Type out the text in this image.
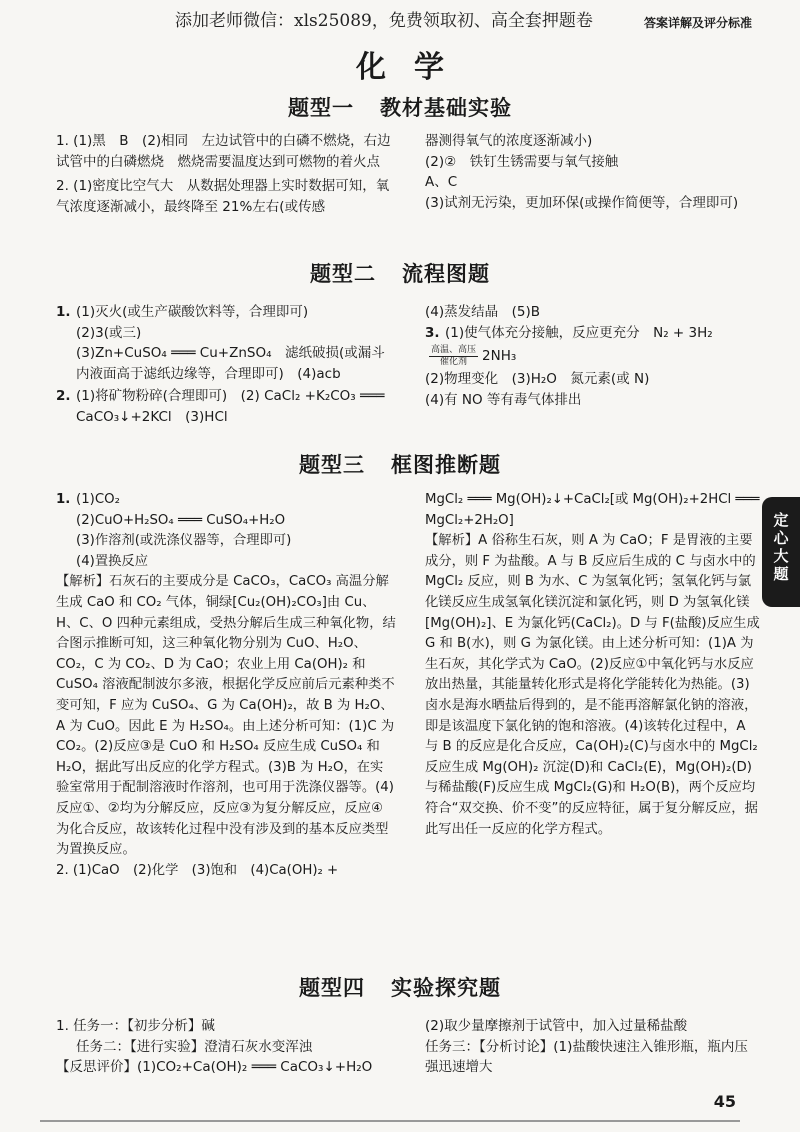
添加老师微信：xls25089，免费领取初、高全套押题卷	答案详解及评分标准
化学
题型一 教材基础实验

1. (1)黑　B　(2)相同　左边试管中的白磷不燃烧，右边试管中的白磷燃烧　燃烧需要温度达到可燃物的着火点

2. (1)密度比空气大　从数据处理器上实时数据可知，氧气浓度逐渐减小，最终降至 21%左右(或传感

器测得氧气的浓度逐渐减小)

(2)②　铁钉生锈需要与氧气接触

A、C

(3)试剂无污染，更加环保(或操作简便等，合理即可)

题型二 流程图题
1. (1)灭火(或生产碳酸饮料等，合理即可)

(2)3(或三)

(3)Zn+CuSO₄ ═══ Cu+ZnSO₄　滤纸破损(或漏斗内液面高于滤纸边缘等，合理即可)　(4)acb

2. (1)将矿物粉碎(合理即可)　(2) CaCl₂ +K₂CO₃ ═══ CaCO₃↓+2KCl　(3)HCl

(4)蒸发结晶　(5)B

3. (1)使气体充分接触，反应更充分　N₂ + 3H₂

$\frac{\text{高温、高压}}{\text{催化剂}} 2NH_3$

(2)物理变化　(3)H₂O　氮元素(或 N)

(4)有 NO 等有毒气体排出

题型三 框图推断题
1. (1)CO₂

(2)CuO+H₂SO₄ ═══ CuSO₄+H₂O

(3)作溶剂(或洗涤仪器等，合理即可)

(4)置换反应

【解析】石灰石的主要成分是 CaCO₃，CaCO₃ 高温分解生成 CaO 和 CO₂ 气体，铜绿[Cu₂(OH)₂CO₃]由 Cu、H、C、O 四种元素组成，受热分解后生成三种氧化物，结合图示推断可知，这三种氧化物分别为 CuO、H₂O、CO₂，C 为 CO₂、D 为 CaO；农业上用 Ca(OH)₂ 和 CuSO₄ 溶液配制波尔多液，根据化学反应前后元素种类不变可知，F 应为 CuSO₄、G 为 Ca(OH)₂，故 B 为 H₂O、A 为 CuO。因此 E 为 H₂SO₄。由上述分析可知：(1)C 为 CO₂。(2)反应③是 CuO 和 H₂SO₄ 反应生成 CuSO₄ 和 H₂O，据此写出反应的化学方程式。(3)B 为 H₂O，在实验室常用于配制溶液时作溶剂，也可用于洗涤仪器等。(4)反应①、②均为分解反应，反应③为复分解反应，反应④为化合反应，故该转化过程中没有涉及到的基本反应类型为置换反应。

2. (1)CaO　(2)化学　(3)饱和　(4)Ca(OH)₂ +

MgCl₂ ═══ Mg(OH)₂↓+CaCl₂[或 Mg(OH)₂+2HCl ═══ MgCl₂+2H₂O]

【解析】A 俗称生石灰，则 A 为 CaO；F 是胃液的主要成分，则 F 为盐酸。A 与 B 反应后生成的 C 与卤水中的 MgCl₂ 反应，则 B 为水、C 为氢氧化钙；氢氧化钙与氯化镁反应生成氢氧化镁沉淀和氯化钙，则 D 为氢氧化镁[Mg(OH)₂]、E 为氯化钙(CaCl₂)。D 与 F(盐酸)反应生成 G 和 B(水)，则 G 为氯化镁。由上述分析可知：(1)A 为生石灰，其化学式为 CaO。(2)反应①中氧化钙与水反应放出热量，其能量转化形式是将化学能转化为热能。(3)卤水是海水晒盐后得到的，是不能再溶解氯化钠的溶液，即是该温度下氯化钠的饱和溶液。(4)该转化过程中，A 与 B 的反应是化合反应，Ca(OH)₂(C)与卤水中的 MgCl₂ 反应生成 Mg(OH)₂ 沉淀(D)和 CaCl₂(E)，Mg(OH)₂(D)与稀盐酸(F)反应生成 MgCl₂(G)和 H₂O(B)，两个反应均符合“双交换、价不变”的反应特征，属于复分解反应，据此写出任一反应的化学方程式。

题型四 实验探究题

1. 任务一：【初步分析】碱

任务二：【进行实验】澄清石灰水变浑浊

【反思评价】(1)CO₂+Ca(OH)₂ ═══ CaCO₃↓+H₂O

(2)取少量摩擦剂于试管中，加入过量稀盐酸

任务三：【分析讨论】(1)盐酸快速注入锥形瓶，瓶内压强迅速增大

定
心
大
题
45
